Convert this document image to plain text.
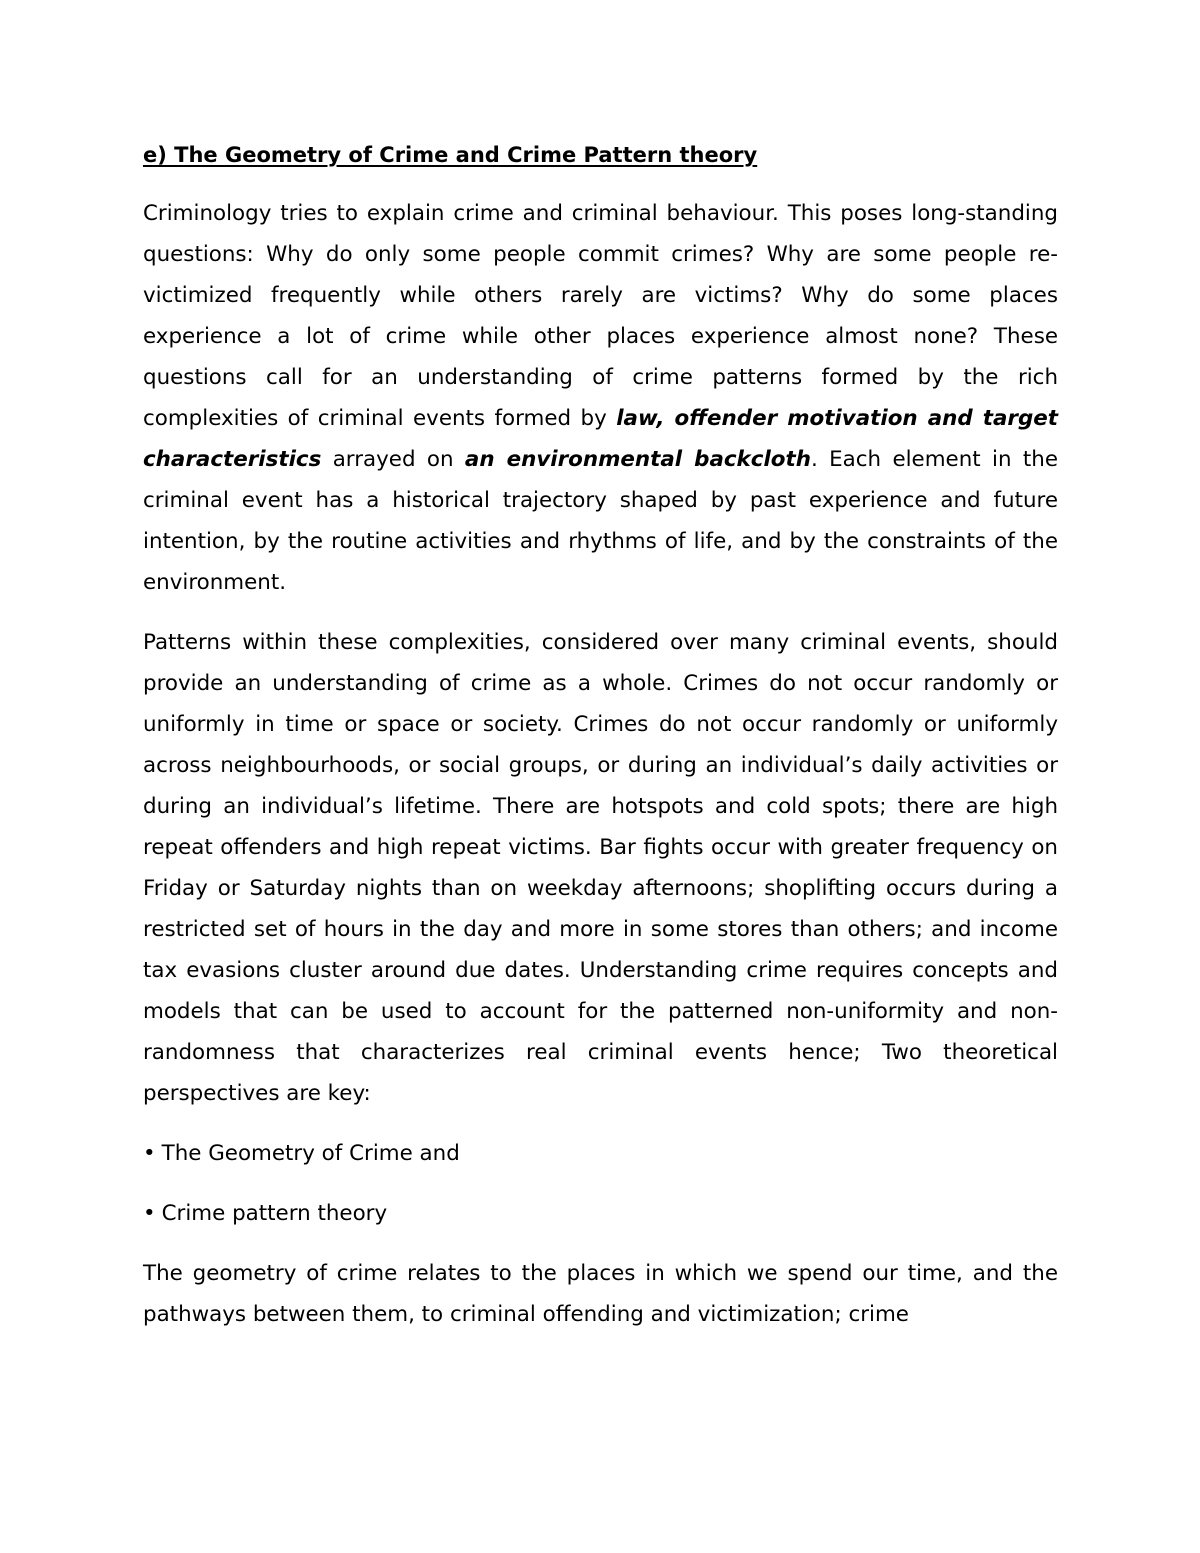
e) The Geometry of Crime and Crime Pattern theory

Criminology tries to explain crime and criminal behaviour. This poses long-standing questions: Why do only some people commit crimes? Why are some people re-victimized frequently while others rarely are victims? Why do some places experience a lot of crime while other places experience almost none? These questions call for an understanding of crime patterns formed by the rich complexities of criminal events formed by law, offender motivation and target characteristics arrayed on an environmental backcloth. Each element in the criminal event has a historical trajectory shaped by past experience and future intention, by the routine activities and rhythms of life, and by the constraints of the environment.

Patterns within these complexities, considered over many criminal events, should provide an understanding of crime as a whole. Crimes do not occur randomly or uniformly in time or space or society. Crimes do not occur randomly or uniformly across neighbourhoods, or social groups, or during an individual’s daily activities or during an individual’s lifetime. There are hotspots and cold spots; there are high repeat offenders and high repeat victims. Bar fights occur with greater frequency on Friday or Saturday nights than on weekday afternoons; shoplifting occurs during a restricted set of hours in the day and more in some stores than others; and income tax evasions cluster around due dates. Understanding crime requires concepts and models that can be used to account for the patterned non-uniformity and non-randomness that characterizes real criminal events hence; Two theoretical perspectives are key:

• The Geometry of Crime and
• Crime pattern theory

The geometry of crime relates to the places in which we spend our time, and the pathways between them, to criminal offending and victimization; crime
